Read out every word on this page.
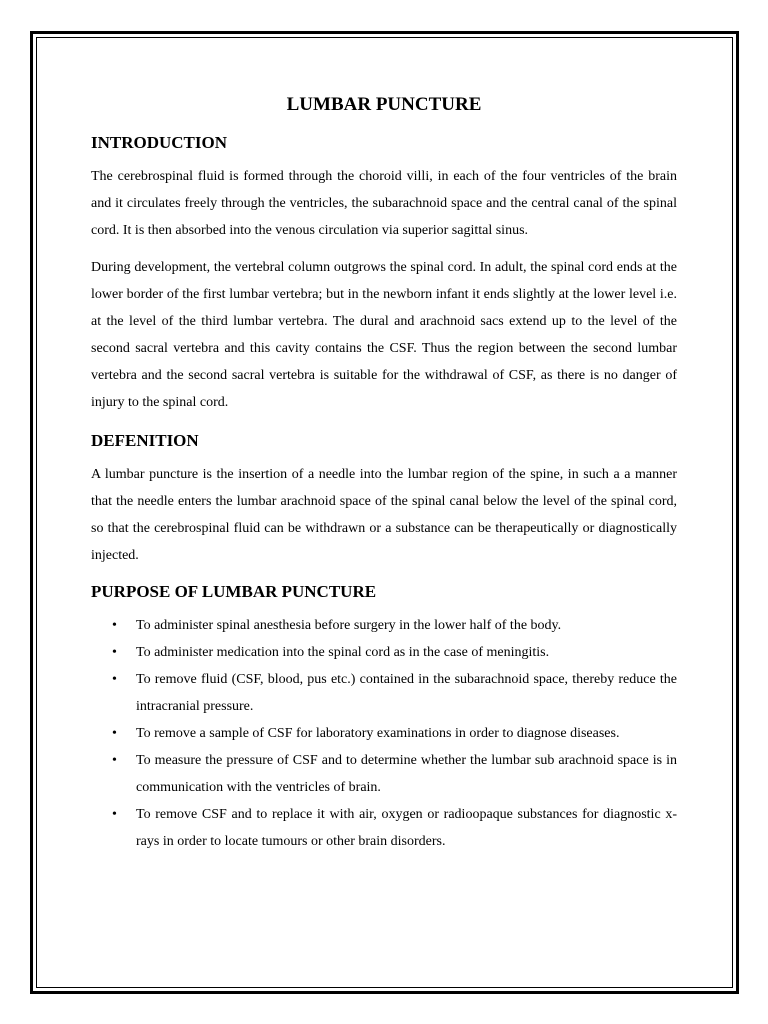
LUMBAR PUNCTURE
INTRODUCTION

The cerebrospinal fluid is formed through the choroid villi, in each of the four ventricles of the brain and it circulates freely through the ventricles, the subarachnoid space and the central canal of the spinal cord. It is then absorbed into the venous circulation via superior sagittal sinus.

During development, the vertebral column outgrows the spinal cord. In adult, the spinal cord ends at the lower border of the first lumbar vertebra; but in the newborn infant it ends slightly at the lower level i.e. at the level of the third lumbar vertebra. The dural and arachnoid sacs extend up to the level of the second sacral vertebra and this cavity contains the CSF. Thus the region between the second lumbar vertebra and the second sacral vertebra is suitable for the withdrawal of CSF, as there is no danger of injury to the spinal cord.

DEFENITION

A lumbar puncture is the insertion of a needle into the lumbar region of the spine, in such a a manner that the needle enters the lumbar arachnoid space of the spinal canal below the level of the spinal cord, so that the cerebrospinal fluid can be withdrawn or a substance can be therapeutically or diagnostically injected.

PURPOSE OF LUMBAR PUNCTURE
• To administer spinal anesthesia before surgery in the lower half of the body.
• To administer medication into the spinal cord as in the case of meningitis.
• To remove fluid (CSF, blood, pus etc.) contained in the subarachnoid space, thereby reduce the intracranial pressure.
• To remove a sample of CSF for laboratory examinations in order to diagnose diseases.
• To measure the pressure of CSF and to determine whether the lumbar sub arachnoid space is in communication with the ventricles of brain.
• To remove CSF and to replace it with air, oxygen or radioopaque substances for diagnostic x-rays in order to locate tumours or other brain disorders.
